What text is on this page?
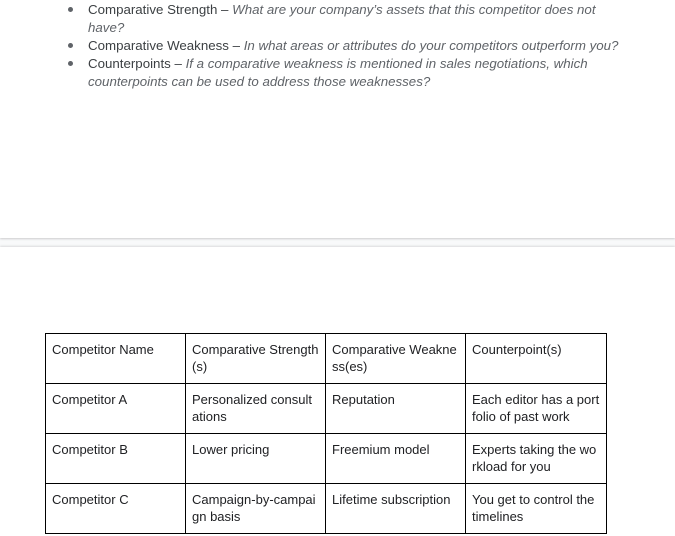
Comparative Strength – What are your company’s assets that this competitor does not have?
Comparative Weakness – In what areas or attributes do your competitors outperform you?
Counterpoints – If a comparative weakness is mentioned in sales negotiations, which counterpoints can be used to address those weaknesses?
Competitor Name	Comparative Strength(s)	Comparative Weakness(es)	Counterpoint(s)
Competitor A	Personalized consultations	Reputation	Each editor has a portfolio of past work
Competitor B	Lower pricing	Freemium model	Experts taking the workload for you
Competitor C	Campaign-by-campaign basis	Lifetime subscription	You get to control the timelines
